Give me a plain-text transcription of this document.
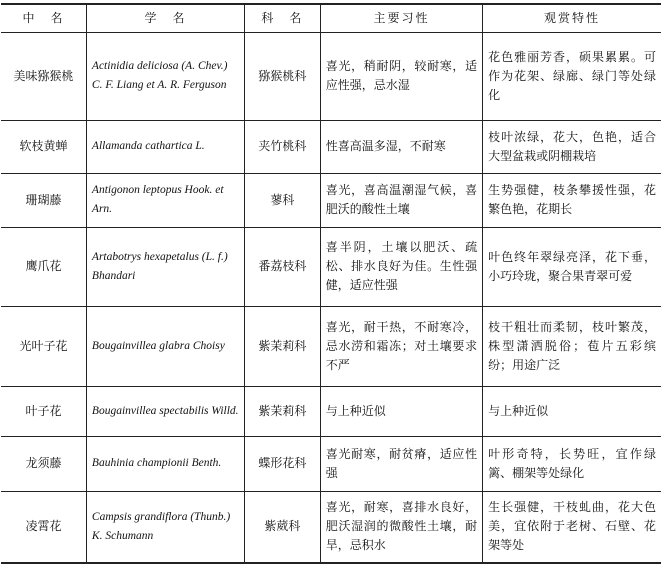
中　名	学　名	科　名	主要习性	观赏特性
美味猕猴桃	Actinidia deliciosa (A. Chev.) C. F. Liang et A. R. Ferguson	猕猴桃科	喜光，稍耐阴，较耐寒，适应性强，忌水湿	花色雅丽芳香，硕果累累。可作为花架、绿廊、绿门等处绿化
软枝黄蝉	Allamanda cathartica L.	夹竹桃科	性喜高温多湿，不耐寒	枝叶浓绿，花大，色艳，适合大型盆栽或阴棚栽培
珊瑚藤	Antigonon leptopus Hook. et Arn.	蓼科	喜光，喜高温潮湿气候，喜肥沃的酸性土壤	生势强健，枝条攀援性强，花繁色艳，花期长
鹰爪花	Artabotrys hexapetalus (L. f.) Bhandari	番荔枝科	喜半阴，土壤以肥沃、疏松、排水良好为佳。生性强健，适应性强	叶色终年翠绿亮泽，花下垂，小巧玲珑，聚合果青翠可爱
光叶子花	Bougainvillea glabra Choisy	紫茉莉科	喜光，耐干热，不耐寒冷，忌水涝和霜冻；对土壤要求不严	枝干粗壮而柔韧，枝叶繁茂，株型潇洒脱俗；苞片五彩缤纷；用途广泛
叶子花	Bougainvillea spectabilis Willd.	紫茉莉科	与上种近似	与上种近似
龙须藤	Bauhinia championii Benth.	蝶形花科	喜光耐寒，耐贫瘠，适应性强	叶形奇特，长势旺，宜作绿篱、棚架等处绿化
凌霄花	Campsis grandiflora (Thunb.) K. Schumann	紫葳科	喜光，耐寒，喜排水良好，肥沃湿润的微酸性土壤，耐旱，忌积水	生长强健，干枝虬曲，花大色美，宜依附于老树、石壁、花架等处
